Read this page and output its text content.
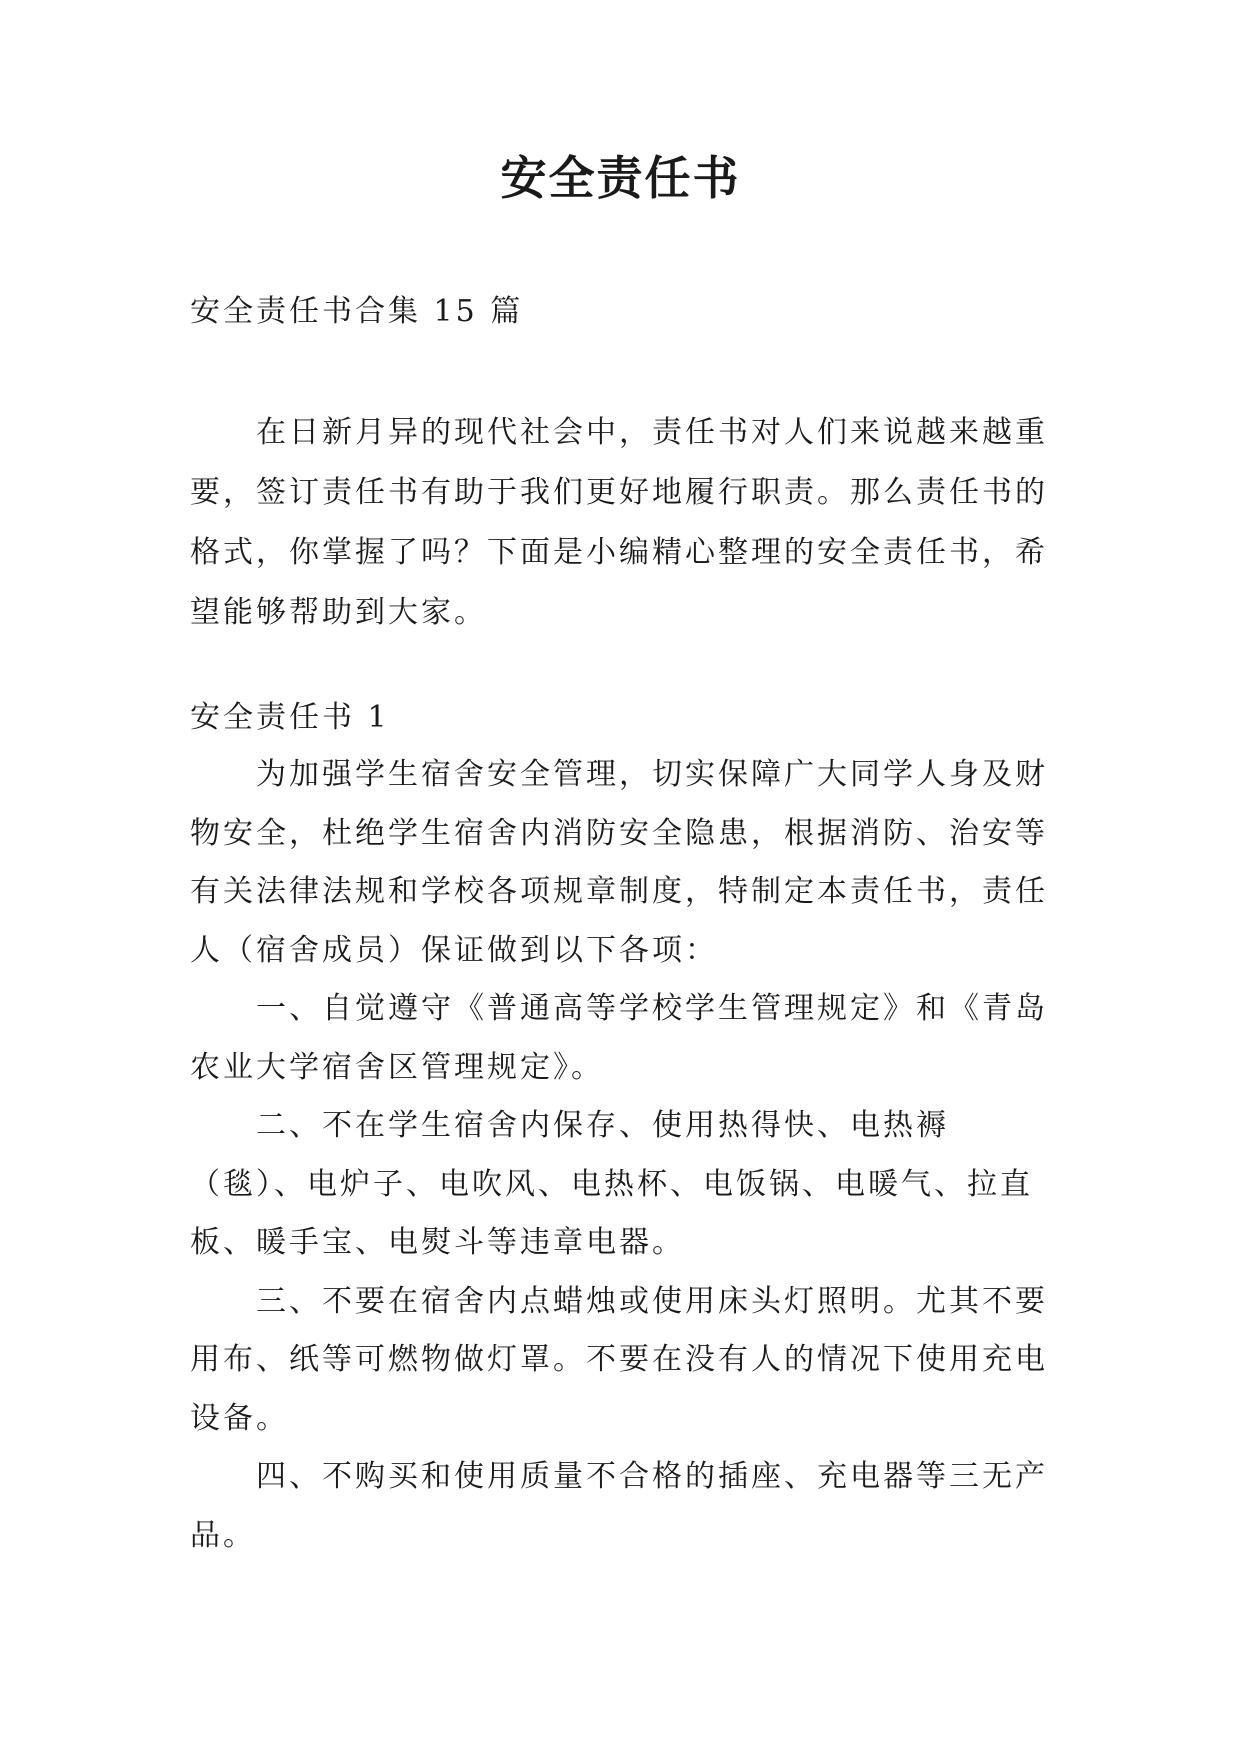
安全责任书

安全责任书合集 15 篇

在日新月异的现代社会中，责任书对人们来说越来越重要，签订责任书有助于我们更好地履行职责。那么责任书的格式，你掌握了吗？下面是小编精心整理的安全责任书，希望能够帮助到大家。

安全责任书 1

为加强学生宿舍安全管理，切实保障广大同学人身及财物安全，杜绝学生宿舍内消防安全隐患，根据消防、治安等有关法律法规和学校各项规章制度，特制定本责任书，责任人（宿舍成员）保证做到以下各项：

一、自觉遵守《普通高等学校学生管理规定》和《青岛农业大学宿舍区管理规定》。

二、不在学生宿舍内保存、使用热得快、电热褥（毯）、电炉子、电吹风、电热杯、电饭锅、电暖气、拉直板、暖手宝、电熨斗等违章电器。

三、不要在宿舍内点蜡烛或使用床头灯照明。尤其不要用布、纸等可燃物做灯罩。不要在没有人的情况下使用充电设备。

四、不购买和使用质量不合格的插座、充电器等三无产品。
